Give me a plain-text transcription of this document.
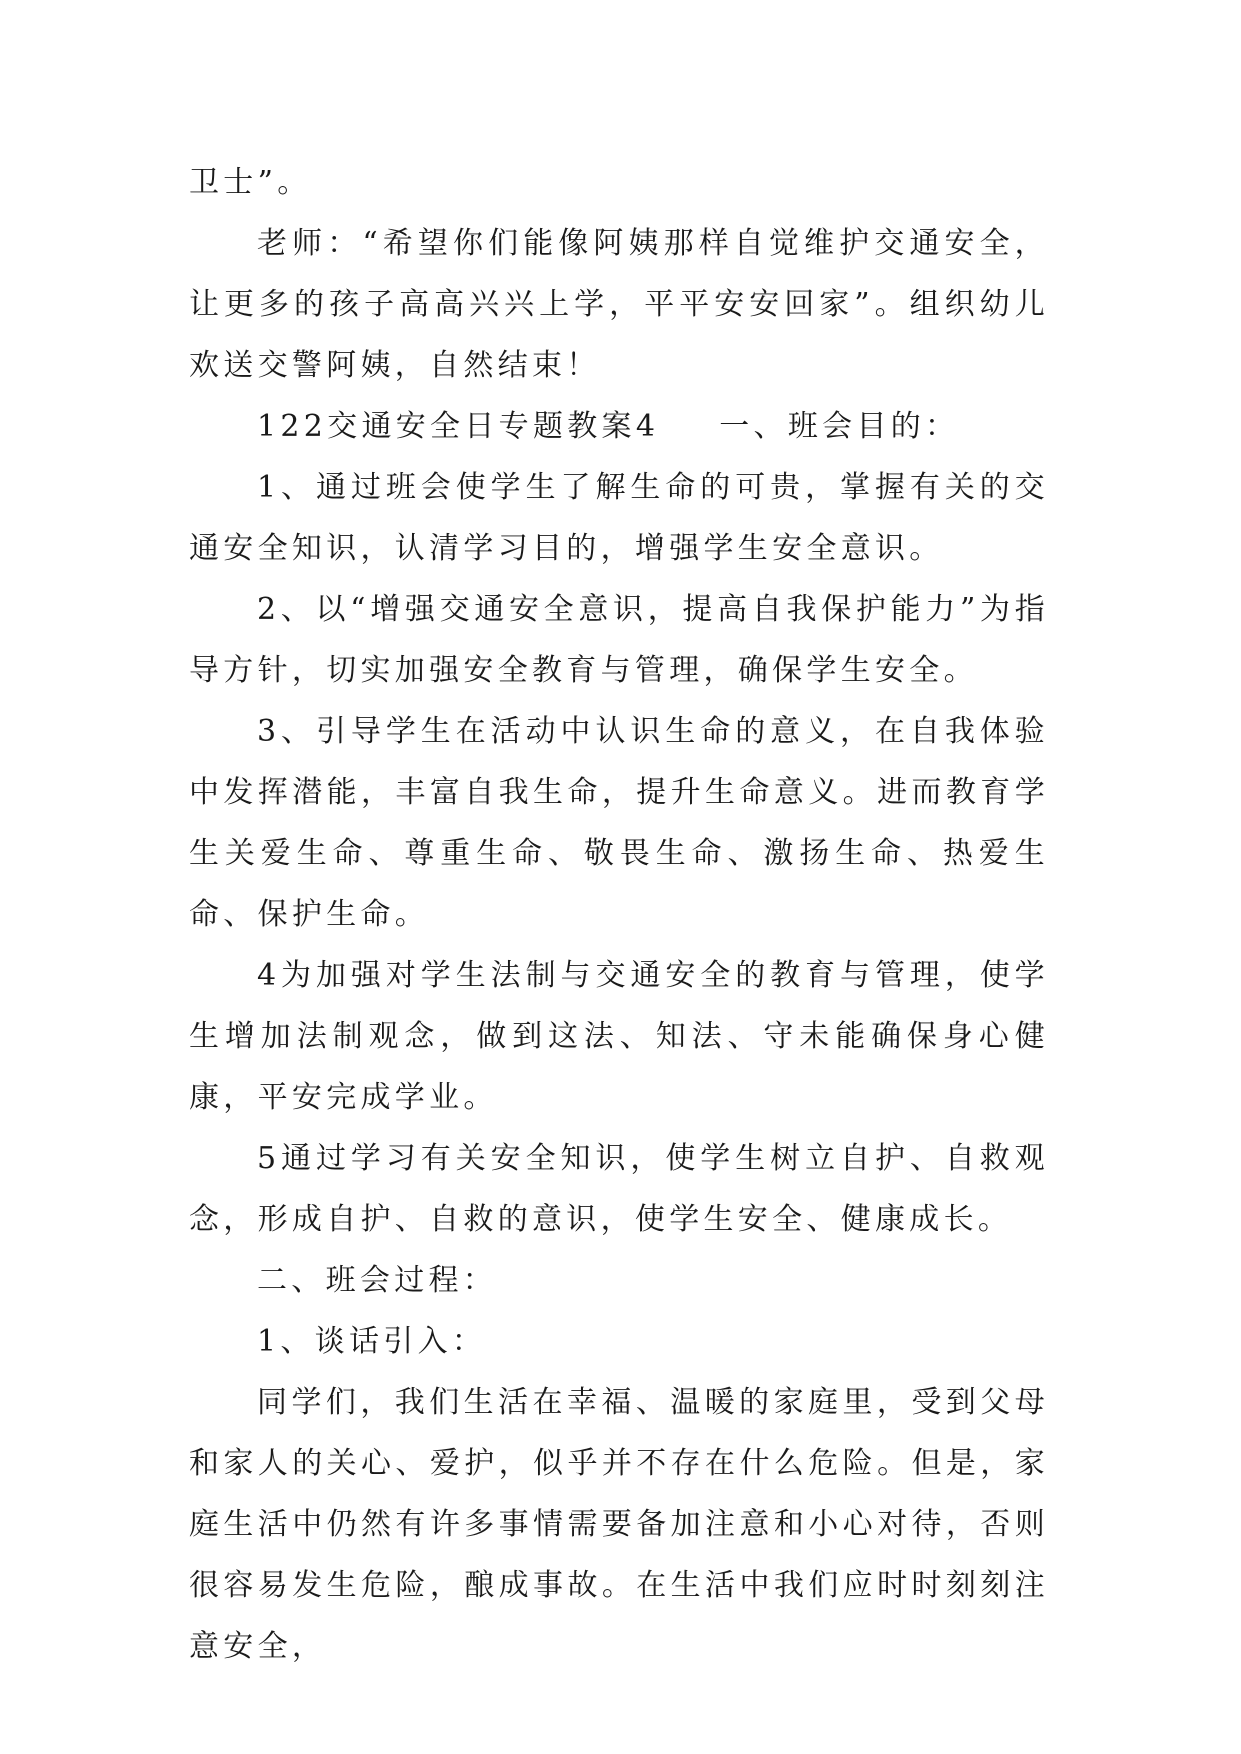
卫士”。

老师：“希望你们能像阿姨那样自觉维护交通安全，让更多的孩子高高兴兴上学，平平安安回家”。组织幼儿欢送交警阿姨，自然结束！

122交通安全日专题教案4 一、班会目的：

1、通过班会使学生了解生命的可贵，掌握有关的交通安全知识，认清学习目的，增强学生安全意识。

2、以“增强交通安全意识，提高自我保护能力”为指导方针，切实加强安全教育与管理，确保学生安全。

3、引导学生在活动中认识生命的意义，在自我体验中发挥潜能，丰富自我生命，提升生命意义。进而教育学生关爱生命、尊重生命、敬畏生命、激扬生命、热爱生命、保护生命。

4为加强对学生法制与交通安全的教育与管理，使学生增加法制观念，做到这法、知法、守未能确保身心健康，平安完成学业。

5通过学习有关安全知识，使学生树立自护、自救观念，形成自护、自救的意识，使学生安全、健康成长。

二、班会过程：

1、谈话引入：

同学们，我们生活在幸福、温暖的家庭里，受到父母和家人的关心、爱护，似乎并不存在什么危险。但是，家庭生活中仍然有许多事情需要备加注意和小心对待，否则很容易发生危险，酿成事故。在生活中我们应时时刻刻注意安全，
